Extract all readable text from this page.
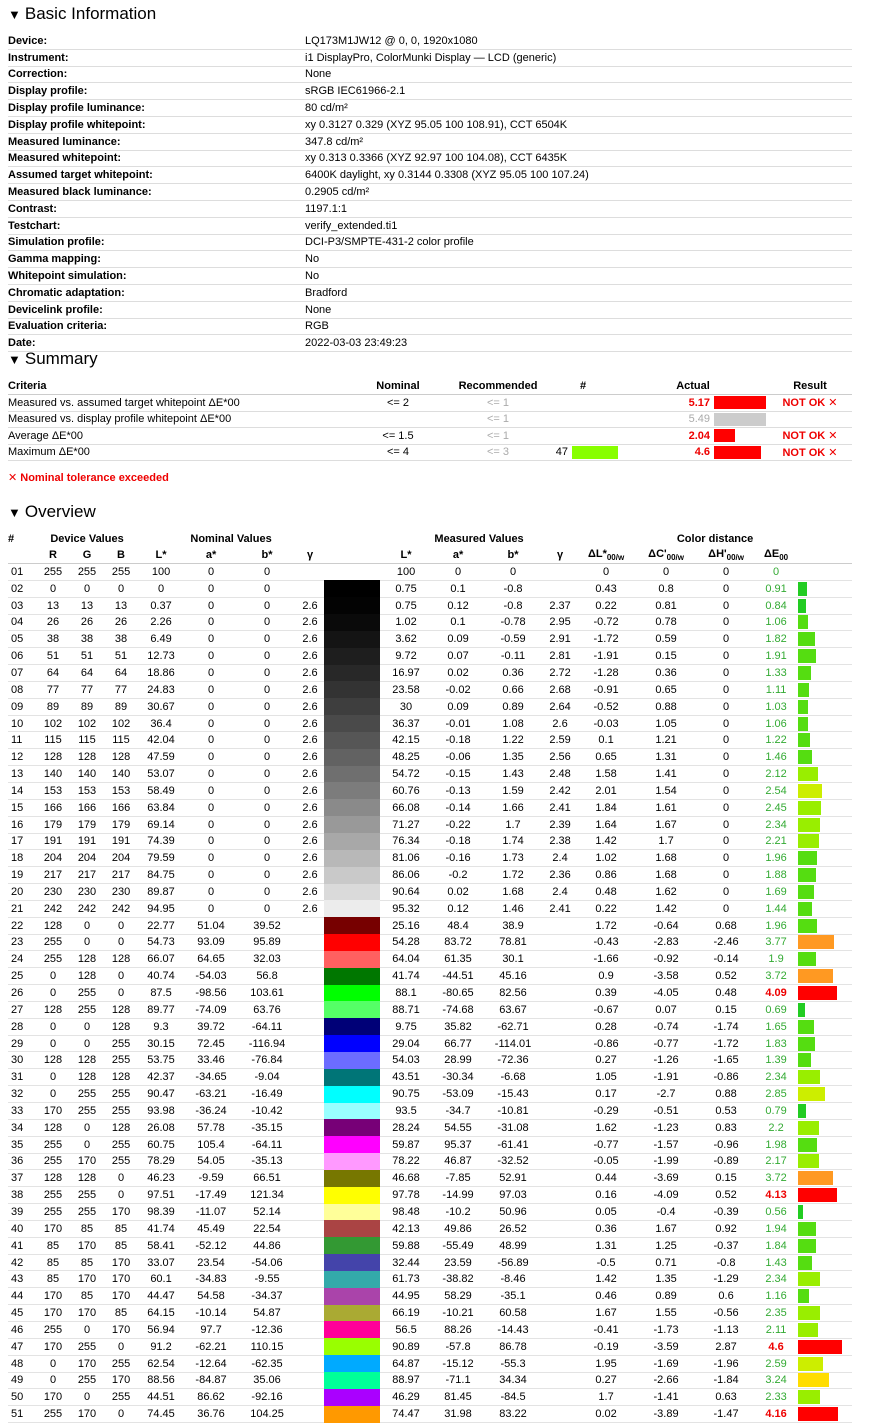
▼ Basic Information
Device:	LQ173M1JW12 @ 0, 0, 1920x1080
Instrument:	i1 DisplayPro, ColorMunki Display — LCD (generic)
Correction:	None
Display profile:	sRGB IEC61966-2.1
Display profile luminance:	80 cd/m²
Display profile whitepoint:	xy 0.3127 0.329 (XYZ 95.05 100 108.91), CCT 6504K
Measured luminance:	347.8 cd/m²
Measured whitepoint:	xy 0.313 0.3366 (XYZ 92.97 100 104.08), CCT 6435K
Assumed target whitepoint:	6400K daylight, xy 0.3144 0.3308 (XYZ 95.05 100 107.24)
Measured black luminance:	0.2905 cd/m²
Contrast:	1197.1:1
Testchart:	verify_extended.ti1
Simulation profile:	DCI-P3/SMPTE-431-2 color profile
Gamma mapping:	No
Whitepoint simulation:	No
Chromatic adaptation:	Bradford
Devicelink profile:	None
Evaluation criteria:	RGB
Date:	2022-03-03 23:49:23
▼ Summary
Criteria	Nominal	Recommended	#	Actual	Result
Measured vs. assumed target whitepoint ΔE*00	<= 2	<= 1		5.17	NOT OK ✕
Measured vs. display profile whitepoint ΔE*00		<= 1		5.49	
Average ΔE*00	<= 1.5	<= 1		2.04	NOT OK ✕
Maximum ΔE*00	<= 4	<= 3	47	4.6	NOT OK ✕
✕ Nominal tolerance exceeded
▼ Overview
#	Device Values			Nominal Values					Measured Values				Color distance				
	R	G	B	L*	a*	b*	γ		L*	a*	b*	γ	$\Delta L*_{00/w}$	$\Delta C'_{00/w}$	$\Delta H'_{00/w}$	$\Delta E_{00}$	
01	255	255	255	100	0	0			100	0	0		0	0	0	0	
02	0	0	0	0	0	0			0.75	0.1	-0.8		0.43	0.8	0	0.91	
03	13	13	13	0.37	0	0	2.6		0.75	0.12	-0.8	2.37	0.22	0.81	0	0.84	
04	26	26	26	2.26	0	0	2.6		1.02	0.1	-0.78	2.95	-0.72	0.78	0	1.06	
05	38	38	38	6.49	0	0	2.6		3.62	0.09	-0.59	2.91	-1.72	0.59	0	1.82	
06	51	51	51	12.73	0	0	2.6		9.72	0.07	-0.11	2.81	-1.91	0.15	0	1.91	
07	64	64	64	18.86	0	0	2.6		16.97	0.02	0.36	2.72	-1.28	0.36	0	1.33	
08	77	77	77	24.83	0	0	2.6		23.58	-0.02	0.66	2.68	-0.91	0.65	0	1.11	
09	89	89	89	30.67	0	0	2.6		30	0.09	0.89	2.64	-0.52	0.88	0	1.03	
10	102	102	102	36.4	0	0	2.6		36.37	-0.01	1.08	2.6	-0.03	1.05	0	1.06	
11	115	115	115	42.04	0	0	2.6		42.15	-0.18	1.22	2.59	0.1	1.21	0	1.22	
12	128	128	128	47.59	0	0	2.6		48.25	-0.06	1.35	2.56	0.65	1.31	0	1.46	
13	140	140	140	53.07	0	0	2.6		54.72	-0.15	1.43	2.48	1.58	1.41	0	2.12	
14	153	153	153	58.49	0	0	2.6		60.76	-0.13	1.59	2.42	2.01	1.54	0	2.54	
15	166	166	166	63.84	0	0	2.6		66.08	-0.14	1.66	2.41	1.84	1.61	0	2.45	
16	179	179	179	69.14	0	0	2.6		71.27	-0.22	1.7	2.39	1.64	1.67	0	2.34	
17	191	191	191	74.39	0	0	2.6		76.34	-0.18	1.74	2.38	1.42	1.7	0	2.21	
18	204	204	204	79.59	0	0	2.6		81.06	-0.16	1.73	2.4	1.02	1.68	0	1.96	
19	217	217	217	84.75	0	0	2.6		86.06	-0.2	1.72	2.36	0.86	1.68	0	1.88	
20	230	230	230	89.87	0	0	2.6		90.64	0.02	1.68	2.4	0.48	1.62	0	1.69	
21	242	242	242	94.95	0	0	2.6		95.32	0.12	1.46	2.41	0.22	1.42	0	1.44	
22	128	0	0	22.77	51.04	39.52			25.16	48.4	38.9		1.72	-0.64	0.68	1.96	
23	255	0	0	54.73	93.09	95.89			54.28	83.72	78.81		-0.43	-2.83	-2.46	3.77	
24	255	128	128	66.07	64.65	32.03			64.04	61.35	30.1		-1.66	-0.92	-0.14	1.9	
25	0	128	0	40.74	-54.03	56.8			41.74	-44.51	45.16		0.9	-3.58	0.52	3.72	
26	0	255	0	87.5	-98.56	103.61			88.1	-80.65	82.56		0.39	-4.05	0.48	4.09	
27	128	255	128	89.77	-74.09	63.76			88.71	-74.68	63.67		-0.67	0.07	0.15	0.69	
28	0	0	128	9.3	39.72	-64.11			9.75	35.82	-62.71		0.28	-0.74	-1.74	1.65	
29	0	0	255	30.15	72.45	-116.94			29.04	66.77	-114.01		-0.86	-0.77	-1.72	1.83	
30	128	128	255	53.75	33.46	-76.84			54.03	28.99	-72.36		0.27	-1.26	-1.65	1.39	
31	0	128	128	42.37	-34.65	-9.04			43.51	-30.34	-6.68		1.05	-1.91	-0.86	2.34	
32	0	255	255	90.47	-63.21	-16.49			90.75	-53.09	-15.43		0.17	-2.7	0.88	2.85	
33	170	255	255	93.98	-36.24	-10.42			93.5	-34.7	-10.81		-0.29	-0.51	0.53	0.79	
34	128	0	128	26.08	57.78	-35.15			28.24	54.55	-31.08		1.62	-1.23	0.83	2.2	
35	255	0	255	60.75	105.4	-64.11			59.87	95.37	-61.41		-0.77	-1.57	-0.96	1.98	
36	255	170	255	78.29	54.05	-35.13			78.22	46.87	-32.52		-0.05	-1.99	-0.89	2.17	
37	128	128	0	46.23	-9.59	66.51			46.68	-7.85	52.91		0.44	-3.69	0.15	3.72	
38	255	255	0	97.51	-17.49	121.34			97.78	-14.99	97.03		0.16	-4.09	0.52	4.13	
39	255	255	170	98.39	-11.07	52.14			98.48	-10.2	50.96		0.05	-0.4	-0.39	0.56	
40	170	85	85	41.74	45.49	22.54			42.13	49.86	26.52		0.36	1.67	0.92	1.94	
41	85	170	85	58.41	-52.12	44.86			59.88	-55.49	48.99		1.31	1.25	-0.37	1.84	
42	85	85	170	33.07	23.54	-54.06			32.44	23.59	-56.89		-0.5	0.71	-0.8	1.43	
43	85	170	170	60.1	-34.83	-9.55			61.73	-38.82	-8.46		1.42	1.35	-1.29	2.34	
44	170	85	170	44.47	54.58	-34.37			44.95	58.29	-35.1		0.46	0.89	0.6	1.16	
45	170	170	85	64.15	-10.14	54.87			66.19	-10.21	60.58		1.67	1.55	-0.56	2.35	
46	255	0	170	56.94	97.7	-12.36			56.5	88.26	-14.43		-0.41	-1.73	-1.13	2.11	
47	170	255	0	91.2	-62.21	110.15			90.89	-57.8	86.78		-0.19	-3.59	2.87	4.6	
48	0	170	255	62.54	-12.64	-62.35			64.87	-15.12	-55.3		1.95	-1.69	-1.96	2.59	
49	0	255	170	88.56	-84.87	35.06			88.97	-71.1	34.34		0.27	-2.66	-1.84	3.24	
50	170	0	255	44.51	86.62	-92.16			46.29	81.45	-84.5		1.7	-1.41	0.63	2.33	
51	255	170	0	74.45	36.76	104.25			74.47	31.98	83.22		0.02	-3.89	-1.47	4.16	
